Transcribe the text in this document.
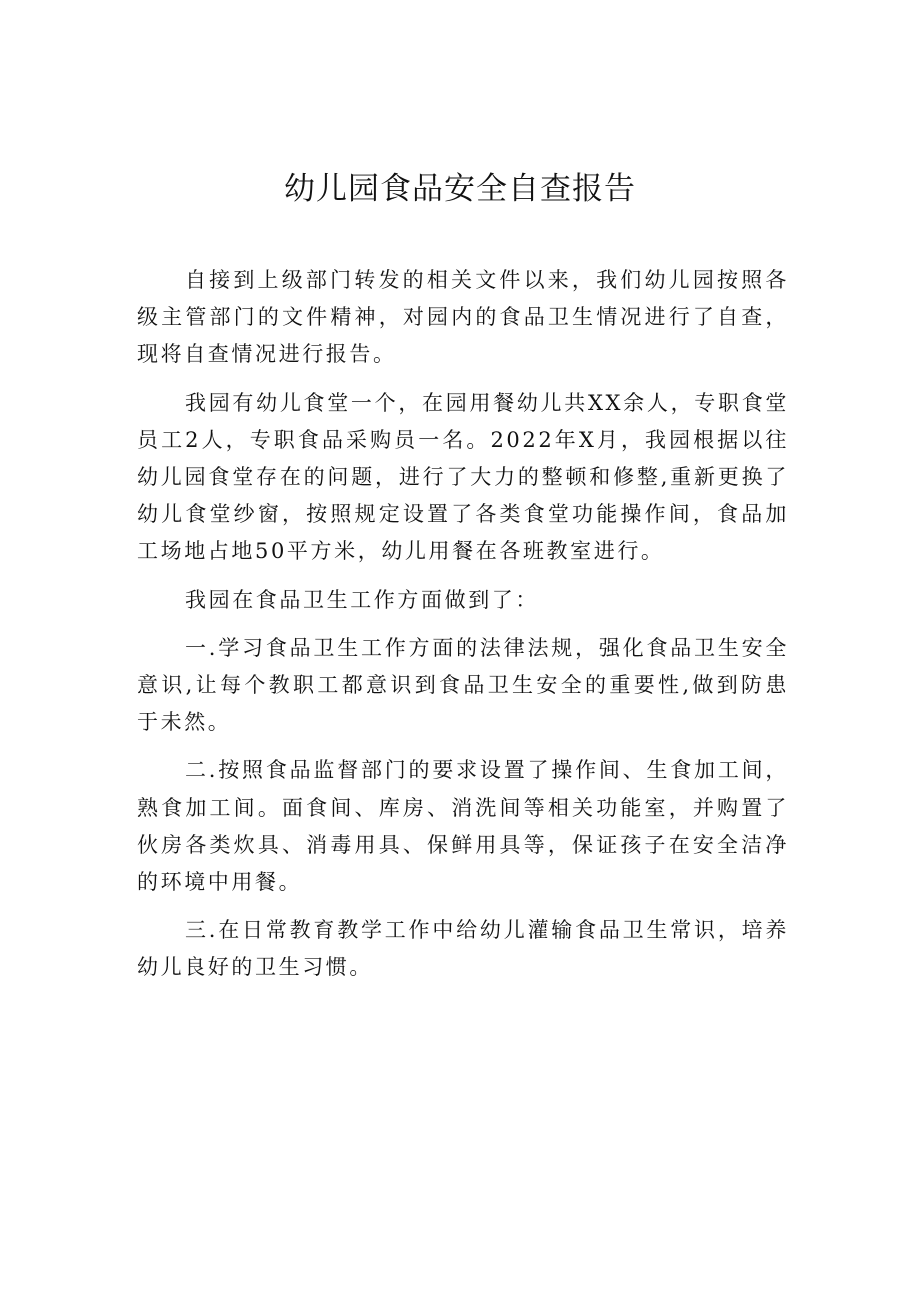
幼儿园食品安全自查报告

自接到上级部门转发的相关文件以来，我们幼儿园按照各级主管部门的文件精神，对园内的食品卫生情况进行了自查，现将自查情况进行报告。

我园有幼儿食堂一个，在园用餐幼儿共XX余人，专职食堂员工2人，专职食品采购员一名。2022年X月，我园根据以往幼儿园食堂存在的问题，进行了大力的整顿和修整,重新更换了幼儿食堂纱窗，按照规定设置了各类食堂功能操作间，食品加工场地占地50平方米，幼儿用餐在各班教室进行。

我园在食品卫生工作方面做到了：

一.学习食品卫生工作方面的法律法规，强化食品卫生安全意识,让每个教职工都意识到食品卫生安全的重要性,做到防患于未然。

二.按照食品监督部门的要求设置了操作间、生食加工间，熟食加工间。面食间、库房、消洗间等相关功能室，并购置了伙房各类炊具、消毒用具、保鲜用具等，保证孩子在安全洁净的环境中用餐。

三.在日常教育教学工作中给幼儿灌输食品卫生常识，培养幼儿良好的卫生习惯。
